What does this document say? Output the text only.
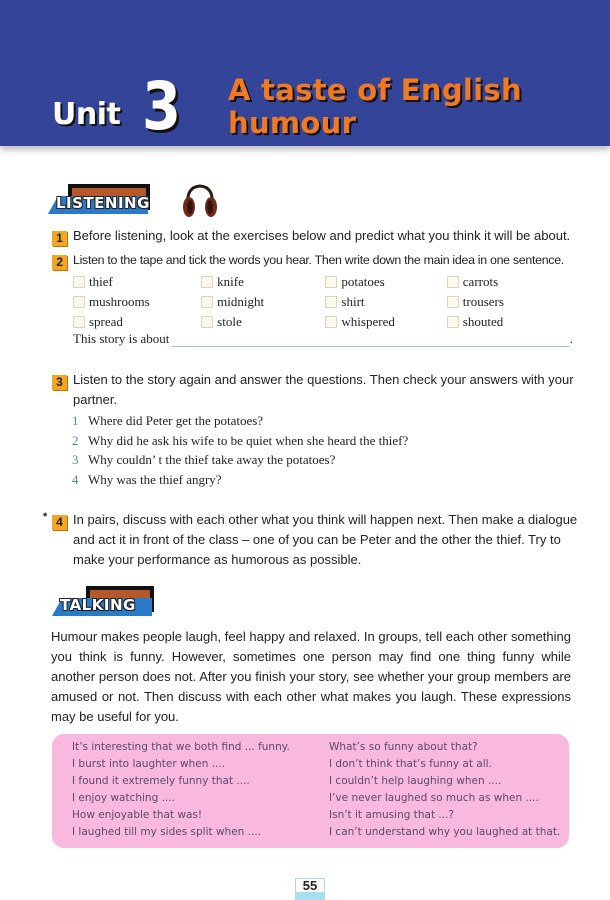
Unit 3 A taste of English
humour
LISTENING
1 Before listening, look at the exercises below and predict what you think it will be about.
2 Listen to the tape and tick the words you hear. Then write down the main idea in one sentence.
thief	knife	potatoes	carrots
mushrooms	midnight	shirt	trousers
spread	stole	whispered	shouted
This story is about	.
3 Listen to the story again and answer the questions. Then check your answers with your
partner.
1 Where did Peter get the potatoes?
2 Why did he ask his wife to be quiet when she heard the thief?
3 Why couldn’ t the thief take away the potatoes?
4 Why was the thief angry?
* 4 In pairs, discuss with each other what you think will happen next. Then make a dialogue
and act it in front of the class – one of you can be Peter and the other the thief. Try to
make your performance as humorous as possible.
TALKING
Humour makes people laugh, feel happy and relaxed. In groups, tell each other something you think is funny. However, sometimes one person may find one thing funny while another person does not. After you finish your story, see whether your group members are amused or not. Then discuss with each other what makes you laugh. These expressions may be useful for you.
It’s interesting that we both find ... funny.
I burst into laughter when ....
I found it extremely funny that ....
I enjoy watching ....
How enjoyable that was!
I laughed till my sides split when ....
What’s so funny about that?
I don’t think that’s funny at all.
I couldn’t help laughing when ....
I’ve never laughed so much as when ....
Isn’t it amusing that ...?
I can’t understand why you laughed at that.
55
